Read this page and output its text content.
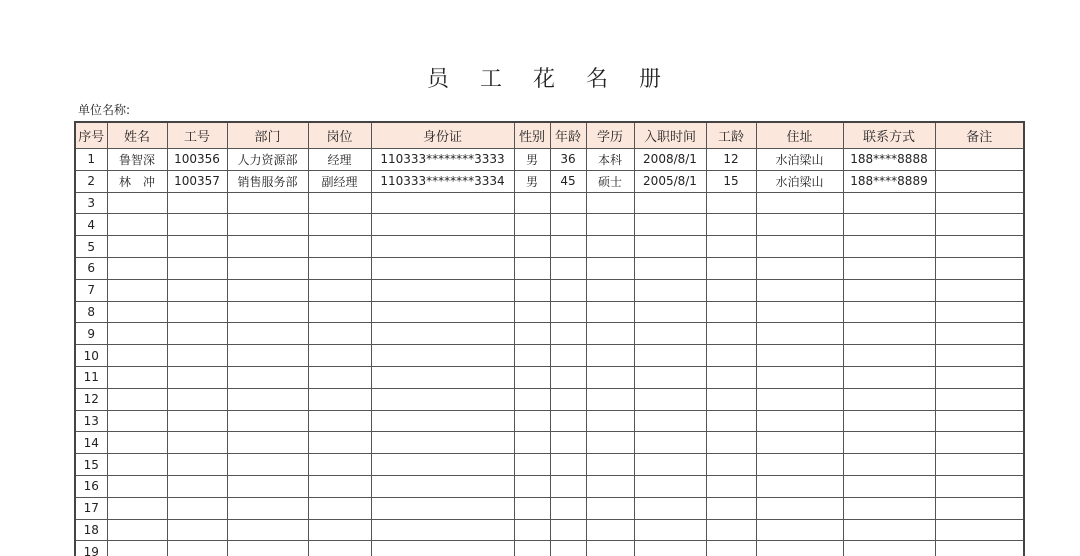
员 工 花 名 册
单位名称:
序号	姓名	工号	部门	岗位	身份证	性别	年龄	学历	入职时间	工龄	住址	联系方式	备注
1	鲁智深	100356	人力资源部	经理	110333********3333	男	36	本科	2008/8/1	12	水泊梁山	188****8888	
2	林　冲	100357	销售服务部	副经理	110333********3334	男	45	硕士	2005/8/1	15	水泊梁山	188****8889	
3													
4													
5													
6													
7													
8													
9													
10													
11													
12													
13													
14													
15													
16													
17													
18													
19													
